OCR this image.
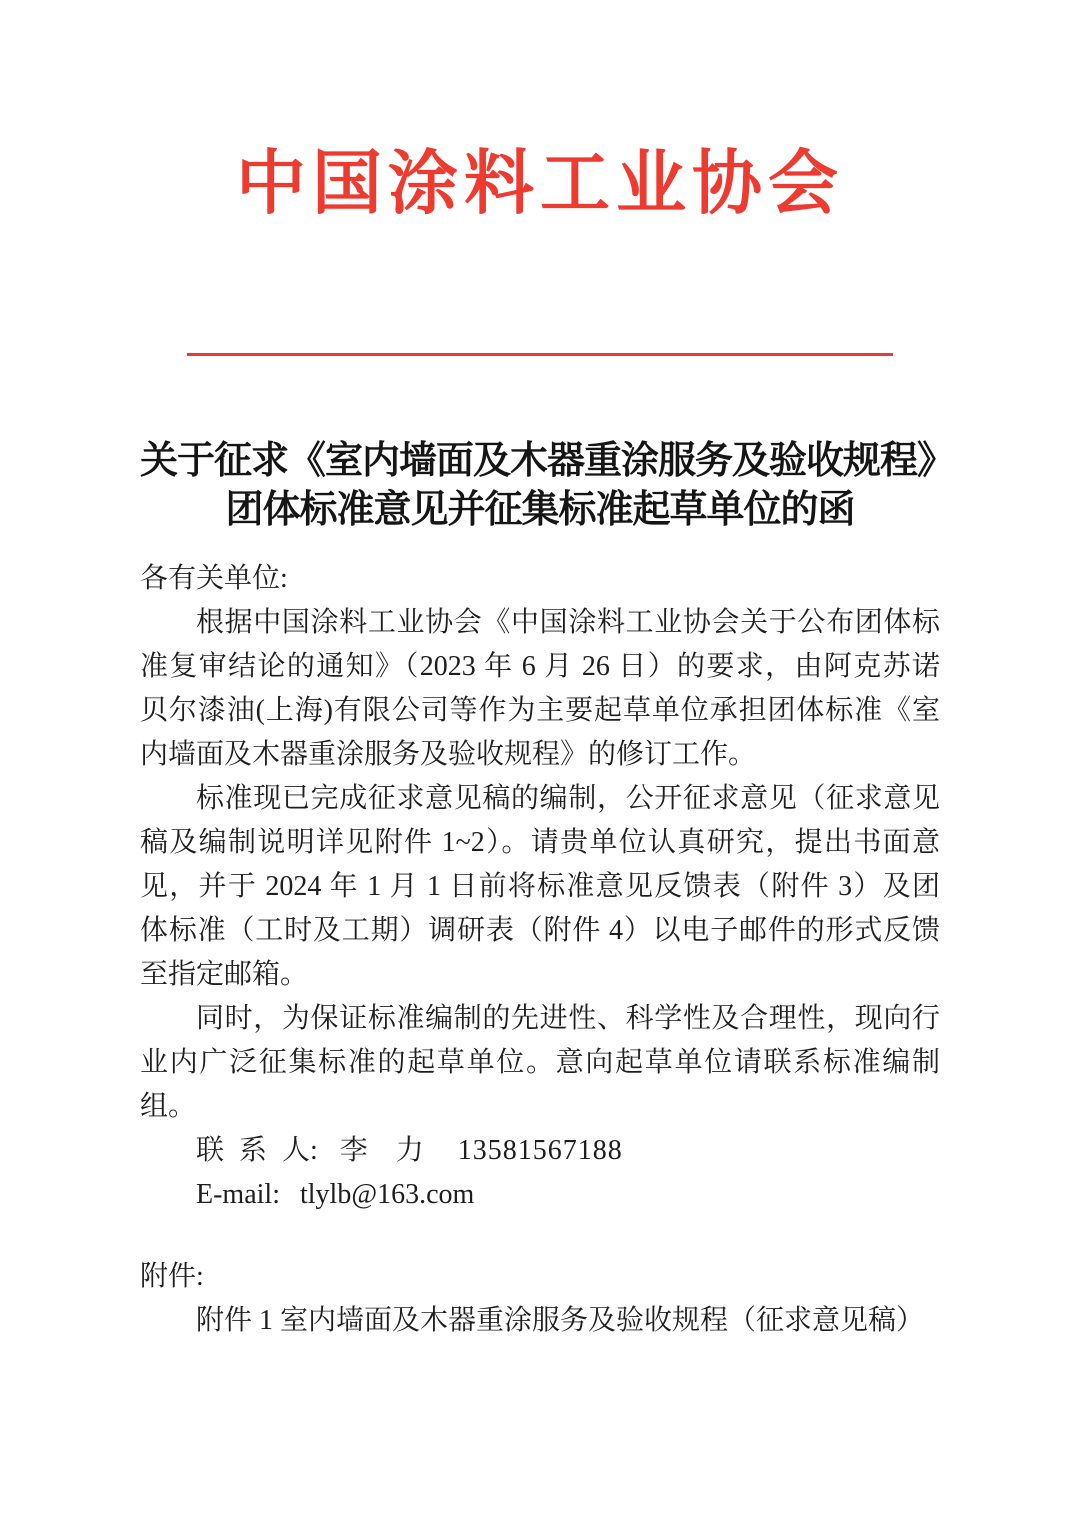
中国涂料工业协会
关于征求《室内墙面及木器重涂服务及验收规程》
团体标准意见并征集标准起草单位的函
各有关单位:
根据中国涂料工业协会《中国涂料工业协会关于公布团体标
准复审结论的通知》（2023 年 6 月 26 日）的要求，由阿克苏诺
贝尔漆油(上海)有限公司等作为主要起草单位承担团体标准《室
内墙面及木器重涂服务及验收规程》的修订工作。
标准现已完成征求意见稿的编制，公开征求意见（征求意见
稿及编制说明详见附件 1~2）。请贵单位认真研究，提出书面意
见，并于 2024 年 1 月 1 日前将标准意见反馈表（附件 3）及团
体标准（工时及工期）调研表（附件 4）以电子邮件的形式反馈
至指定邮箱。
同时，为保证标准编制的先进性、科学性及合理性，现向行
业内广泛征集标准的起草单位。意向起草单位请联系标准编制
组。
联 系 人: 李　力 13581567188
E-mail: tlylb@163.com
附件:
附件 1 室内墙面及木器重涂服务及验收规程（征求意见稿）
